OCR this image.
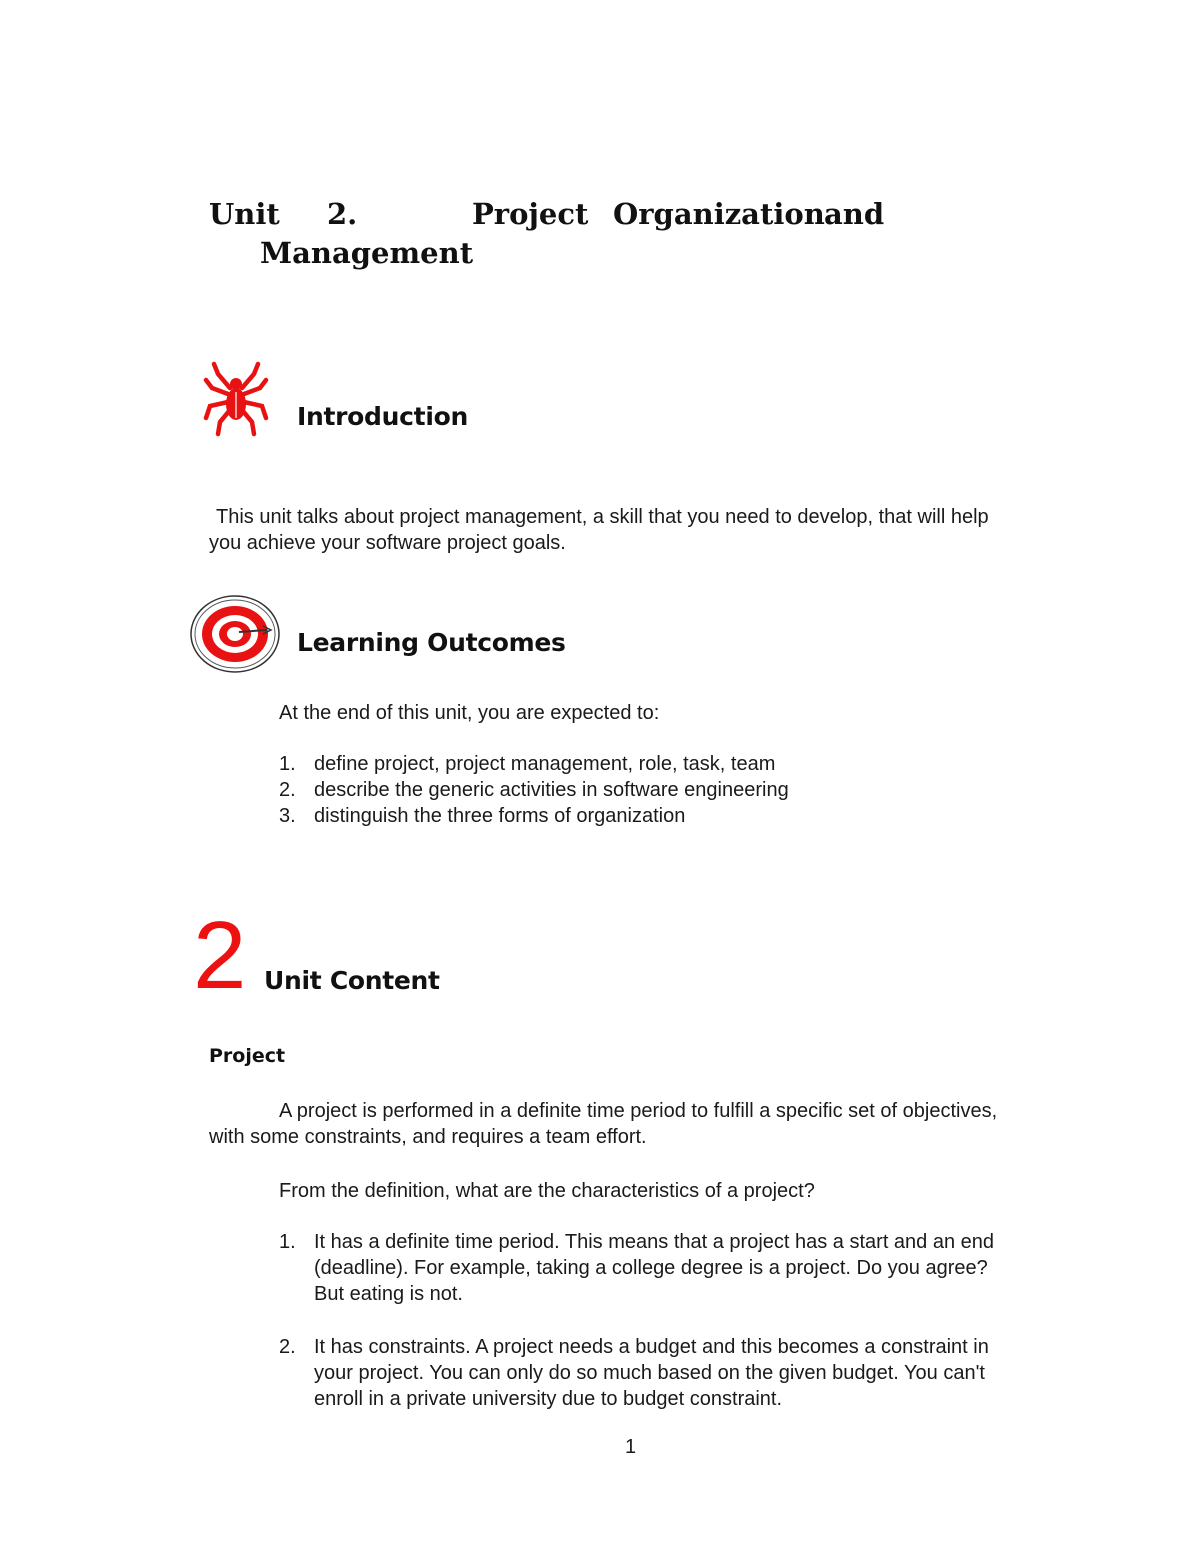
Unit 2.	Project Organization and
Management
Introduction
This unit talks about project management, a skill that you need to develop, that will help
you achieve your software project goals.
Learning Outcomes
At the end of this unit, you are expected to:
1. define project, project management, role, task, team
2. describe the generic activities in software engineering
3. distinguish the three forms of organization
2 Unit Content
Project
A project is performed in a definite time period to fulfill a specific set of objectives,
with some constraints, and requires a team effort.
From the definition, what are the characteristics of a project?
1. It has a definite time period. This means that a project has a start and an end
(deadline). For example, taking a college degree is a project. Do you agree?
But eating is not.
2. It has constraints. A project needs a budget and this becomes a constraint in
your project. You can only do so much based on the given budget. You can't
enroll in a private university due to budget constraint.
1
